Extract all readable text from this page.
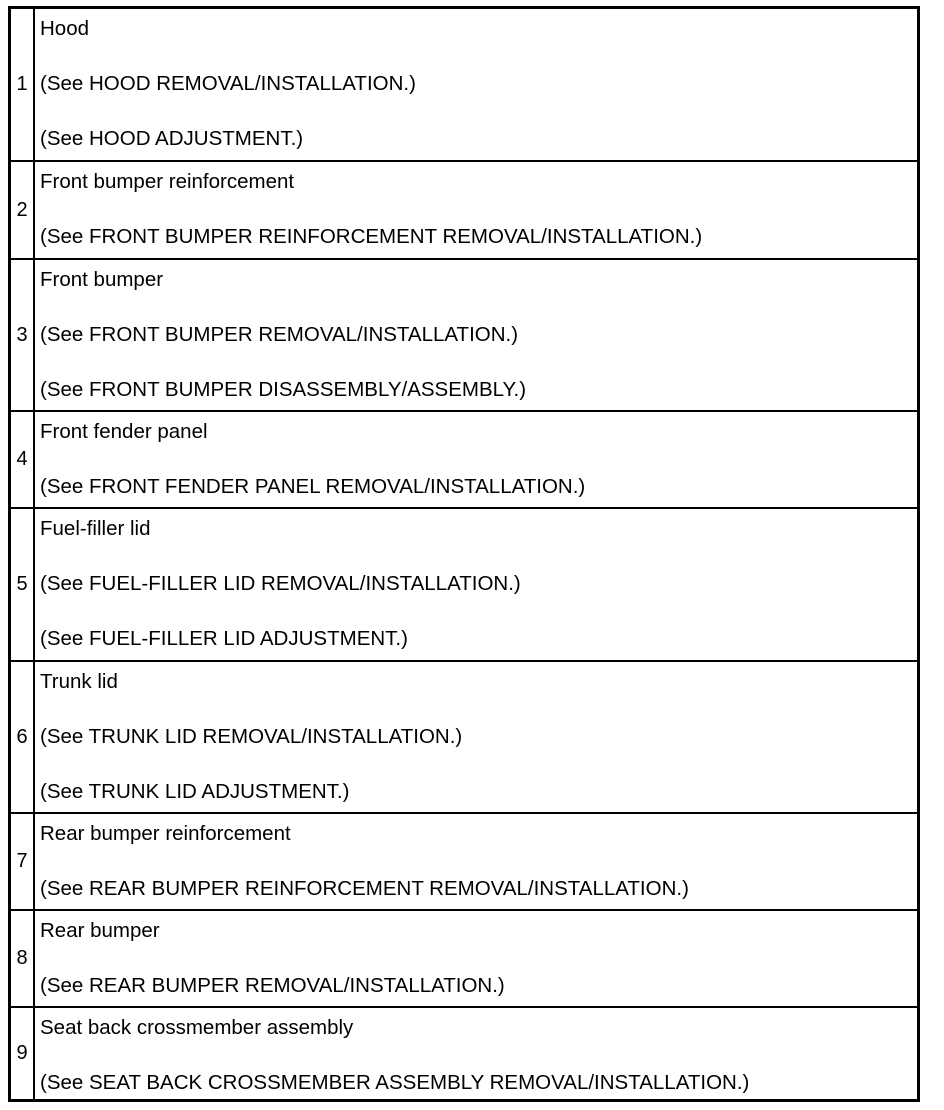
1
Hood
(See HOOD REMOVAL/INSTALLATION.)
(See HOOD ADJUSTMENT.)
2
Front bumper reinforcement
(See FRONT BUMPER REINFORCEMENT REMOVAL/INSTALLATION.)
3
Front bumper
(See FRONT BUMPER REMOVAL/INSTALLATION.)
(See FRONT BUMPER DISASSEMBLY/ASSEMBLY.)
4
Front fender panel
(See FRONT FENDER PANEL REMOVAL/INSTALLATION.)
5
Fuel-filler lid
(See FUEL-FILLER LID REMOVAL/INSTALLATION.)
(See FUEL-FILLER LID ADJUSTMENT.)
6
Trunk lid
(See TRUNK LID REMOVAL/INSTALLATION.)
(See TRUNK LID ADJUSTMENT.)
7
Rear bumper reinforcement
(See REAR BUMPER REINFORCEMENT REMOVAL/INSTALLATION.)
8
Rear bumper
(See REAR BUMPER REMOVAL/INSTALLATION.)
9
Seat back crossmember assembly
(See SEAT BACK CROSSMEMBER ASSEMBLY REMOVAL/INSTALLATION.)
